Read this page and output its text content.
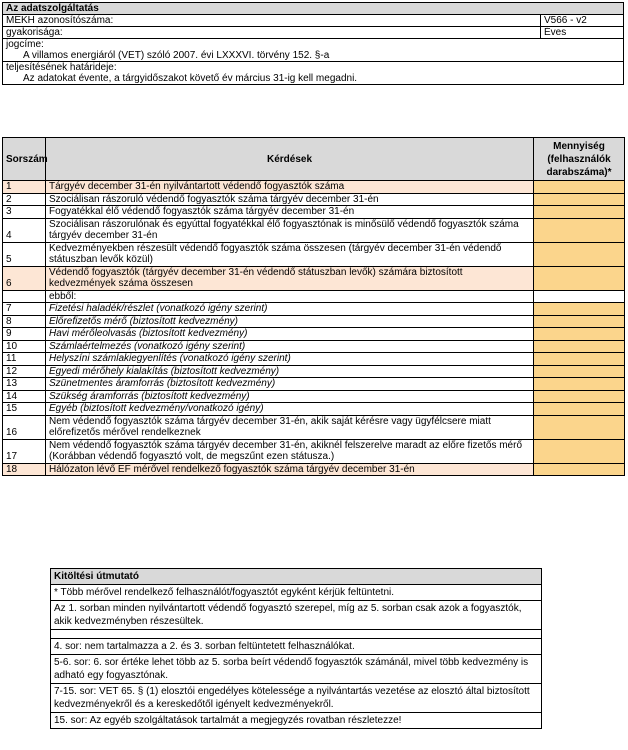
Az adatszolgáltatás	
MEKH azonosítószáma:	V566 - v2
gyakorisága:	Éves
jogcíme:	
A villamos energiáról (VET) szóló 2007. évi LXXXVI. törvény 152. §-a	
teljesítésének határideje:	
Az adatokat évente, a tárgyidőszakot követő év március 31-ig kell megadni.	
Sorszám	Kérdések	Mennyiség (felhasználók darabszáma)*
1	Tárgyév december 31-én nyilvántartott védendő fogyasztók száma	
2	Szociálisan rászoruló védendő fogyasztók száma tárgyév december 31-én	
3	Fogyatékkal élő védendő fogyasztók száma tárgyév december 31-én	
4	Szociálisan rászorulónak és egyúttal fogyatékkal élő fogyasztónak is minősülő védendő fogyasztók száma tárgyév december 31-én	
5	Kedvezményekben részesült védendő fogyasztók száma összesen (tárgyév december 31-én védendő státuszban levők közül)	
6	Védendő fogyasztók (tárgyév december 31-én védendő státuszban levők) számára biztosított kedvezmények száma összesen	
	ebből:	
7	Fizetési haladék/részlet (vonatkozó igény szerint)	
8	Előrefizetős mérő (biztosított kedvezmény)	
9	Havi mérőleolvasás (biztosított kedvezmény)	
10	Számlaértelmezés (vonatkozó igény szerint)	
11	Helyszíni számlakiegyenlítés (vonatkozó igény szerint)	
12	Egyedi mérőhely kialakítás (biztosított kedvezmény)	
13	Szünetmentes áramforrás (biztosított kedvezmény)	
14	Szükség áramforrás (biztosított kedvezmény)	
15	Egyéb (biztosított kedvezmény/vonatkozó igény)	
16	Nem védendő fogyasztók száma tárgyév december 31-én, akik saját kérésre vagy ügyfélcsere miatt előrefizetős mérővel rendelkeznek	
17	Nem védendő fogyasztók száma tárgyév december 31-én, akiknél felszerelve maradt az előre fizetős mérő (Korábban védendő fogyasztó volt, de megszűnt ezen státusza.)	
18	Hálózaton lévő EF mérővel rendelkező fogyasztók száma tárgyév december 31-én	
Kitöltési útmutató
* Több mérővel rendelkező felhasználót/fogyasztót egyként kérjük feltüntetni.
Az 1. sorban minden nyilvántartott védendő fogyasztó szerepel, míg az 5. sorban csak azok a fogyasztók, akik kedvezményben részesültek.

4. sor: nem tartalmazza a 2. és 3. sorban feltüntetett felhasználókat.
5-6. sor: 6. sor értéke lehet több az 5. sorba beírt védendő fogyasztók számánál, mivel több kedvezmény is adható egy fogyasztónak.
7-15. sor: VET 65. § (1) elosztói engedélyes kötelessége a nyilvántartás vezetése az elosztó által biztosított kedvezményekről és a kereskedőtől igényelt kedvezményekről.
15. sor: Az egyéb szolgáltatások tartalmát a megjegyzés rovatban részletezze!
